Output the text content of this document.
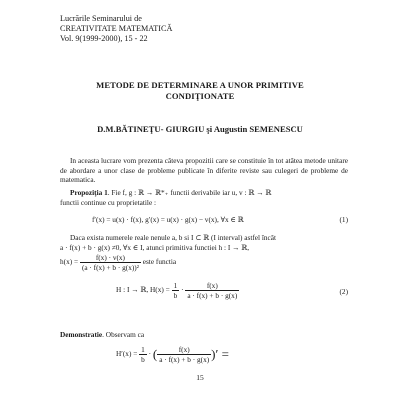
Lucrările Seminarului de
CREATIVITATE MATEMATICĂ
Vol. 9(1999-2000), 15 - 22
METODE DE DETERMINARE A UNOR PRIMITIVE
CONDIŢIONATE
D.M.BĂTINEŢU- GIURGIU şi Augustin SEMENESCU
In aceasta lucrare vom prezenta câteva propozitii care se constituie în tot atâtea metode unitare de abordare a unor clase de probleme publicate în diferite reviste sau culegeri de probleme de matematica.
Propoziţia 1. Fie f, g : ℝ → ℝ*₊ functii derivabile iar u, v : ℝ → ℝ
functii continue cu proprietatile :
f′(x) = u(x) · f(x), g′(x) = u(x) · g(x) − v(x), ∀x ∈ ℝ	(1)
Daca exista numerele reale nenule a, b si I ⊂ ℝ (I interval) astfel încât
a · f(x) + b · g(x) ≠0, ∀x ∈ I, atunci primitiva functiei h : I → ℝ,
$h(x) = \frac{f(x) \cdot v(x)}{\text{(a · f(x) + b · g(x))²}}$ este functia
H : I → ℝ, $H(x) = \frac{1}{b} \cdot \frac{f(x)}{a \cdot f(x) + b \cdot g(x)}$	(2)
Demonstratie. Observam ca
$H'(x) = \frac{1}{b}$ · ( $\frac{f(x)}{a \cdot f(x) + b \cdot g(x)}$ )′ =
15
